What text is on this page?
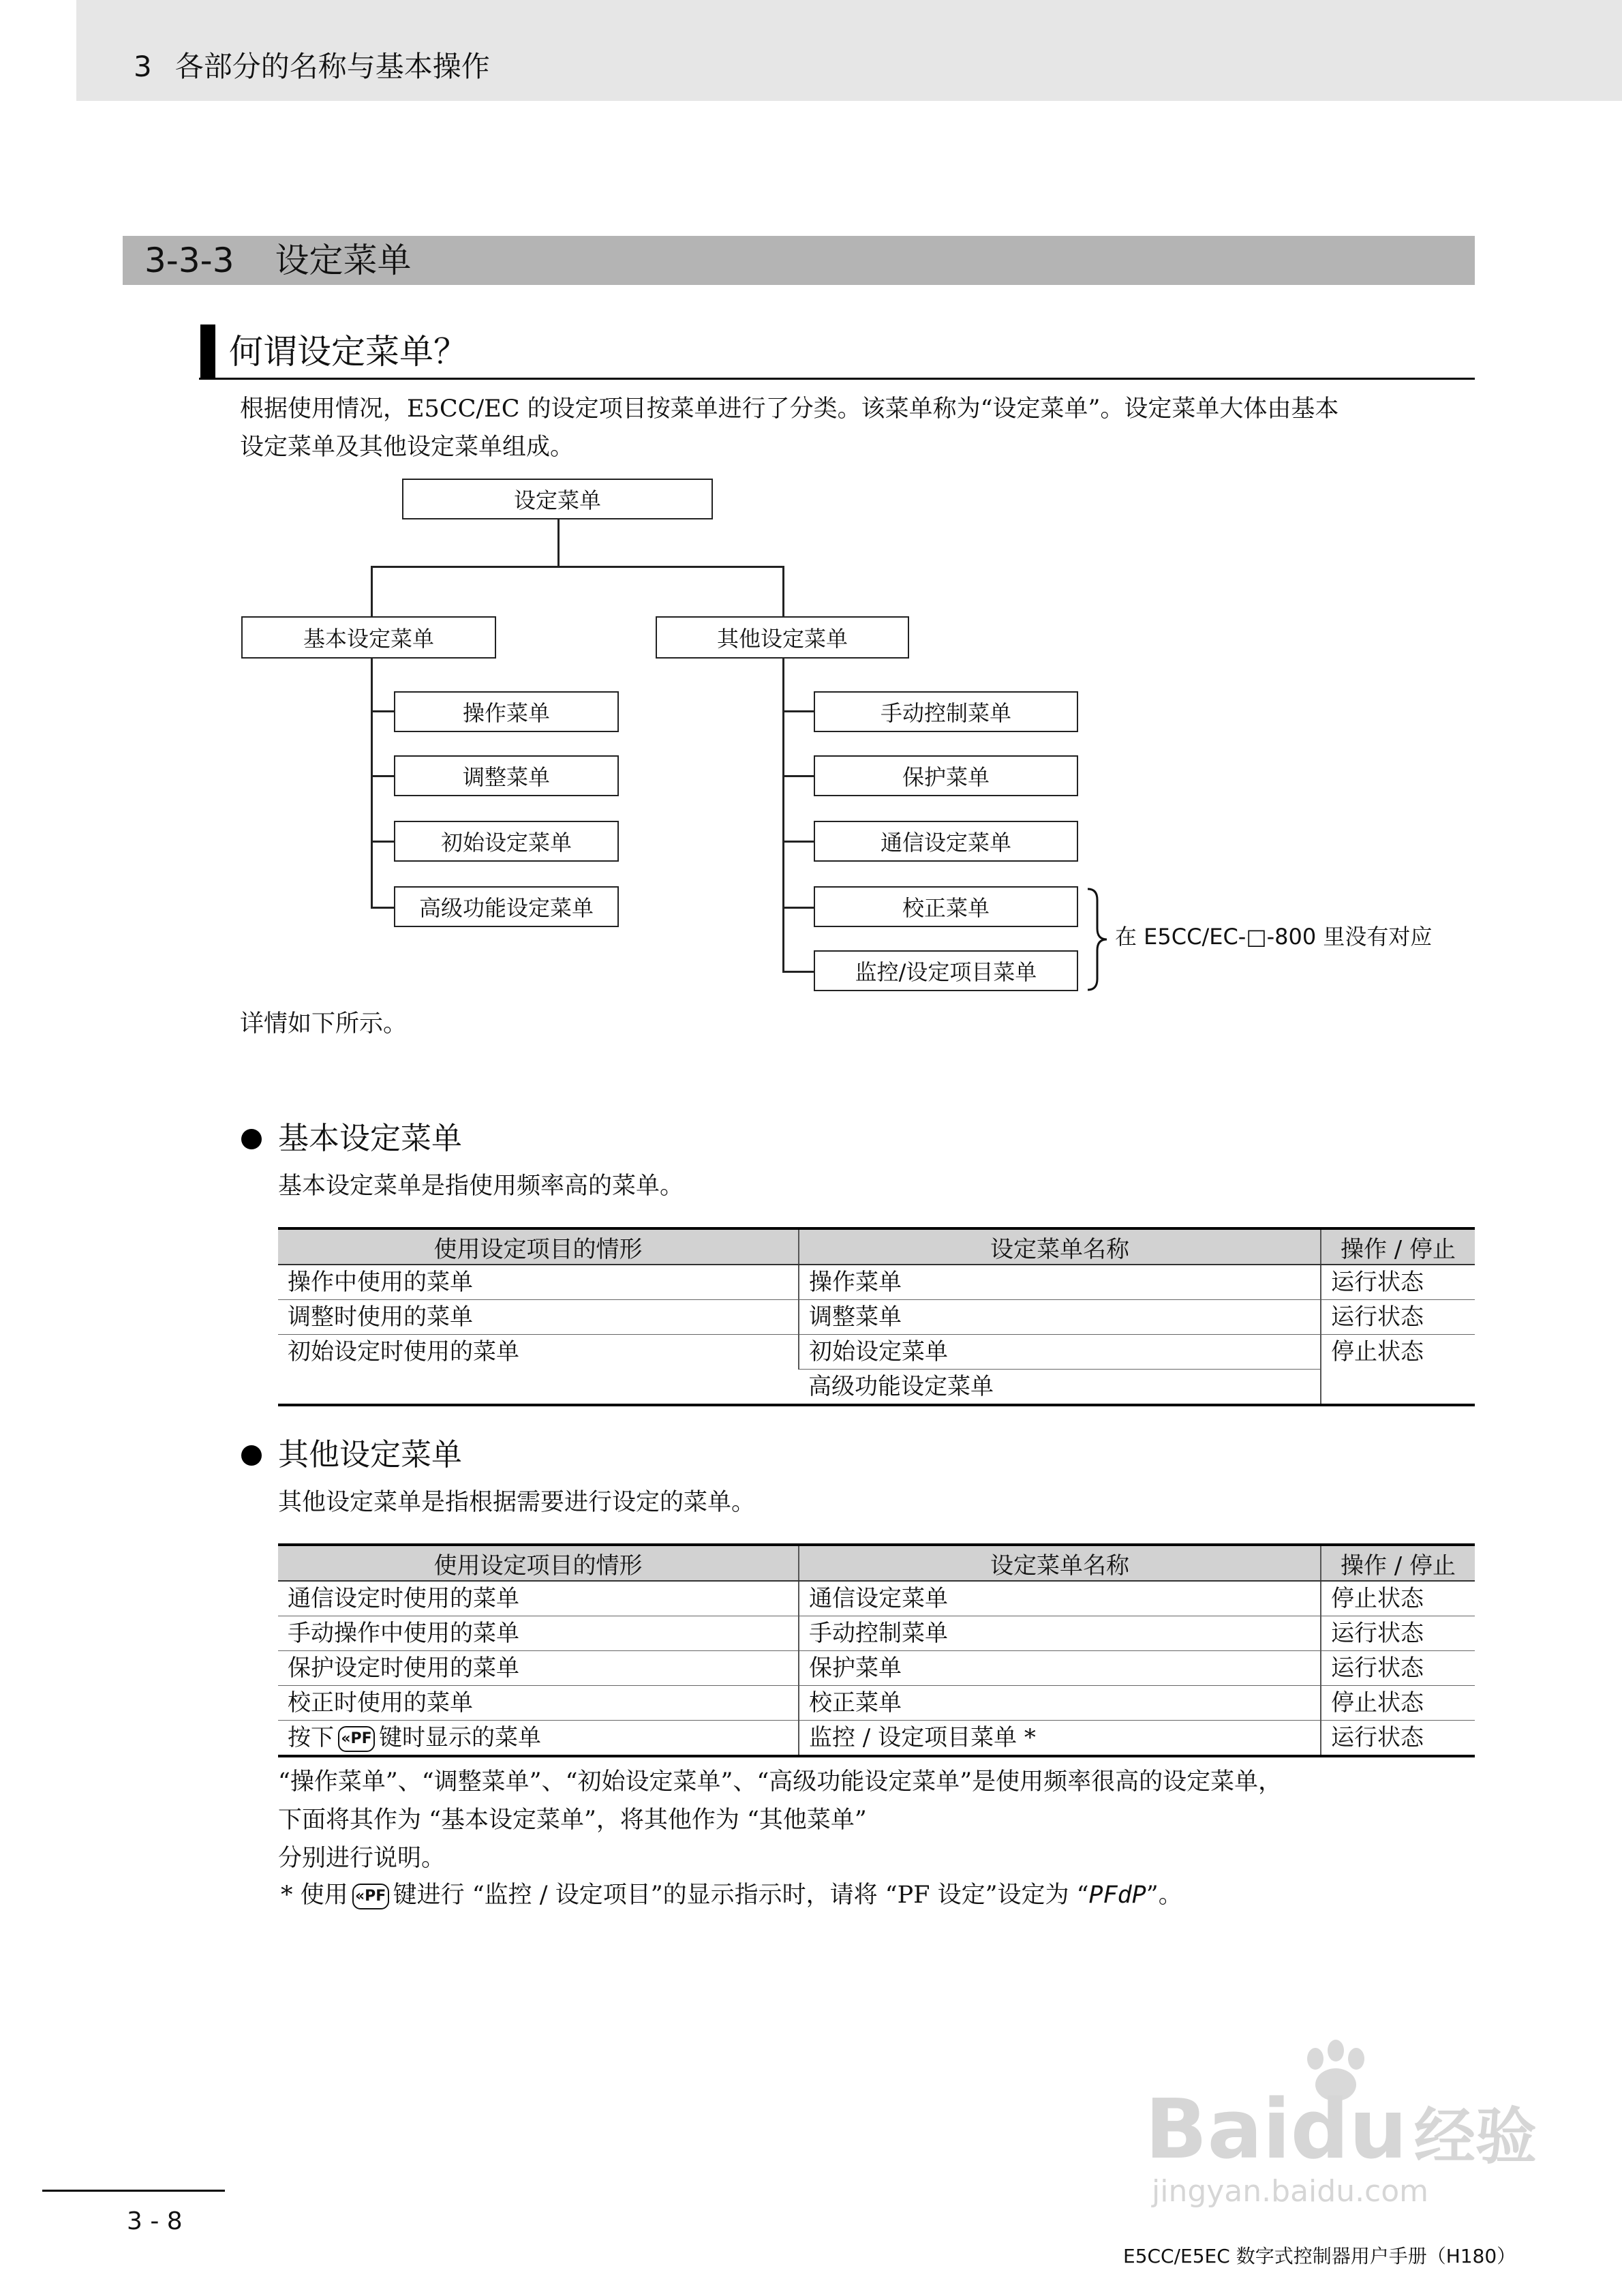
3 各部分的名称与基本操作
3-3-3 设定菜单
何谓设定菜单？
根据使用情况，E5CC/EC 的设定项目按菜单进行了分类。该菜单称为“设定菜单”。设定菜单大体由基本
设定菜单及其他设定菜单组成。
设定菜单
基本设定菜单	其他设定菜单
操作菜单
调整菜单
初始设定菜单
高级功能设定菜单
手动控制菜单
保护菜单
通信设定菜单
校正菜单
监控/设定项目菜单
在 E5CC/EC-□-800 里没有对应
详情如下所示。
基本设定菜单
基本设定菜单是指使用频率高的菜单。
使用设定项目的情形	设定菜单名称	操作 / 停止
操作中使用的菜单	操作菜单	运行状态
调整时使用的菜单	调整菜单	运行状态
初始设定时使用的菜单	初始设定菜单	停止状态
	高级功能设定菜单	
其他设定菜单
其他设定菜单是指根据需要进行设定的菜单。
使用设定项目的情形	设定菜单名称	操作 / 停止
通信设定时使用的菜单	通信设定菜单	停止状态
手动操作中使用的菜单	手动控制菜单	运行状态
保护设定时使用的菜单	保护菜单	运行状态
校正时使用的菜单	校正菜单	停止状态
按下 « PF 键时显示的菜单	监控 / 设定项目菜单 *	运行状态
“操作菜单”、“调整菜单”、“初始设定菜单”、“高级功能设定菜单”是使用频率很高的设定菜单，
下面将其作为 “基本设定菜单”，将其他作为 “其他菜单”
分别进行说明。
* 使用 «PF 键进行 “监控 / 设定项目”的显示指示时，请将 “PF 设定”设定为 “PFdP”。
Baidu 经验
jingyan.baidu.com
3 - 8
E5CC/E5EC 数字式控制器用户手册（H180）
